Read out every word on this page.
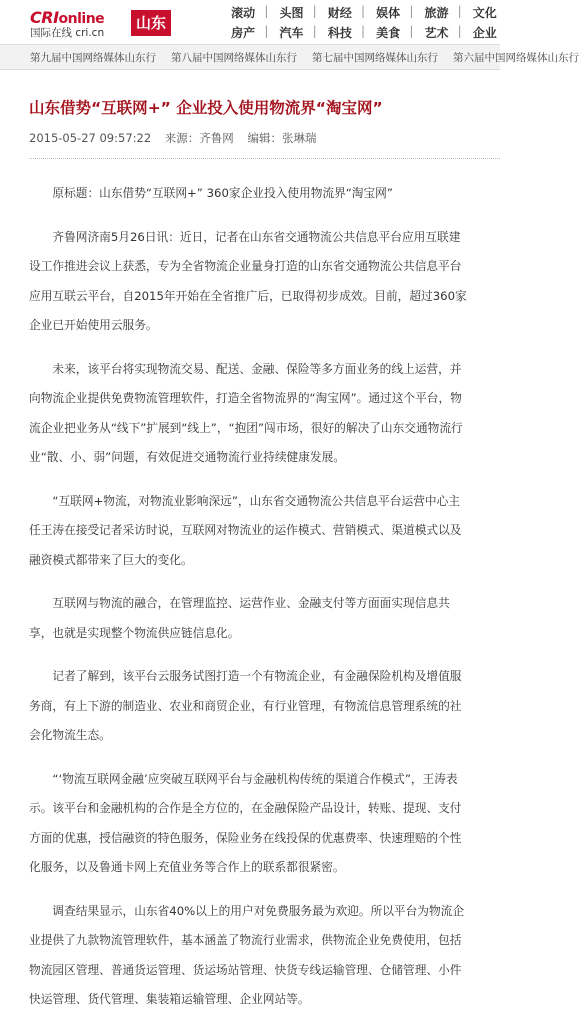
CRIonline
国际在线 cri.cn
山东
滚动	| 头图	| 财经	| 娱体	| 旅游	| 文化
房产	| 汽车	| 科技	| 美食	| 艺术	| 企业
第九届中国网络媒体山东行 第八届中国网络媒体山东行 第七届中国网络媒体山东行 第六届中国网络媒体山东行
山东借势“互联网+” 企业投入使用物流界“淘宝网”
2015-05-27 09:57:22 来源：齐鲁网 编辑：张琳瑞

原标题：山东借势“互联网+” 360家企业投入使用物流界“淘宝网”

齐鲁网济南5月26日讯：近日，记者在山东省交通物流公共信息平台应用互联建设工作推进会议上获悉，专为全省物流企业量身打造的山东省交通物流公共信息平台应用互联云平台，自2015年开始在全省推广后，已取得初步成效。目前，超过360家企业已开始使用云服务。

未来，该平台将实现物流交易、配送、金融、保险等多方面业务的线上运营，并向物流企业提供免费物流管理软件，打造全省物流界的“淘宝网”。通过这个平台，物流企业把业务从“线下”扩展到“线上”，“抱团”闯市场，很好的解决了山东交通物流行业“散、小、弱”问题，有效促进交通物流行业持续健康发展。

“互联网+物流，对物流业影响深远”，山东省交通物流公共信息平台运营中心主任王涛在接受记者采访时说，互联网对物流业的运作模式、营销模式、渠道模式以及融资模式都带来了巨大的变化。

互联网与物流的融合，在管理监控、运营作业、金融支付等方面面实现信息共享，也就是实现整个物流供应链信息化。

记者了解到，该平台云服务试图打造一个有物流企业，有金融保险机构及增值服务商，有上下游的制造业、农业和商贸企业，有行业管理，有物流信息管理系统的社会化物流生态。

“‘物流互联网金融’应突破互联网平台与金融机构传统的渠道合作模式”，王涛表示。该平台和金融机构的合作是全方位的，在金融保险产品设计，转账、提现、支付方面的优惠，授信融资的特色服务，保险业务在线投保的优惠费率、快速理赔的个性化服务，以及鲁通卡网上充值业务等合作上的联系都很紧密。

调查结果显示，山东省40%以上的用户对免费服务最为欢迎。所以平台为物流企业提供了九款物流管理软件，基本涵盖了物流行业需求，供物流企业免费使用，包括物流园区管理、普通货运管理、货运场站管理、快货专线运输管理、仓储管理、小件快运管理、货代管理、集装箱运输管理、企业网站等。
